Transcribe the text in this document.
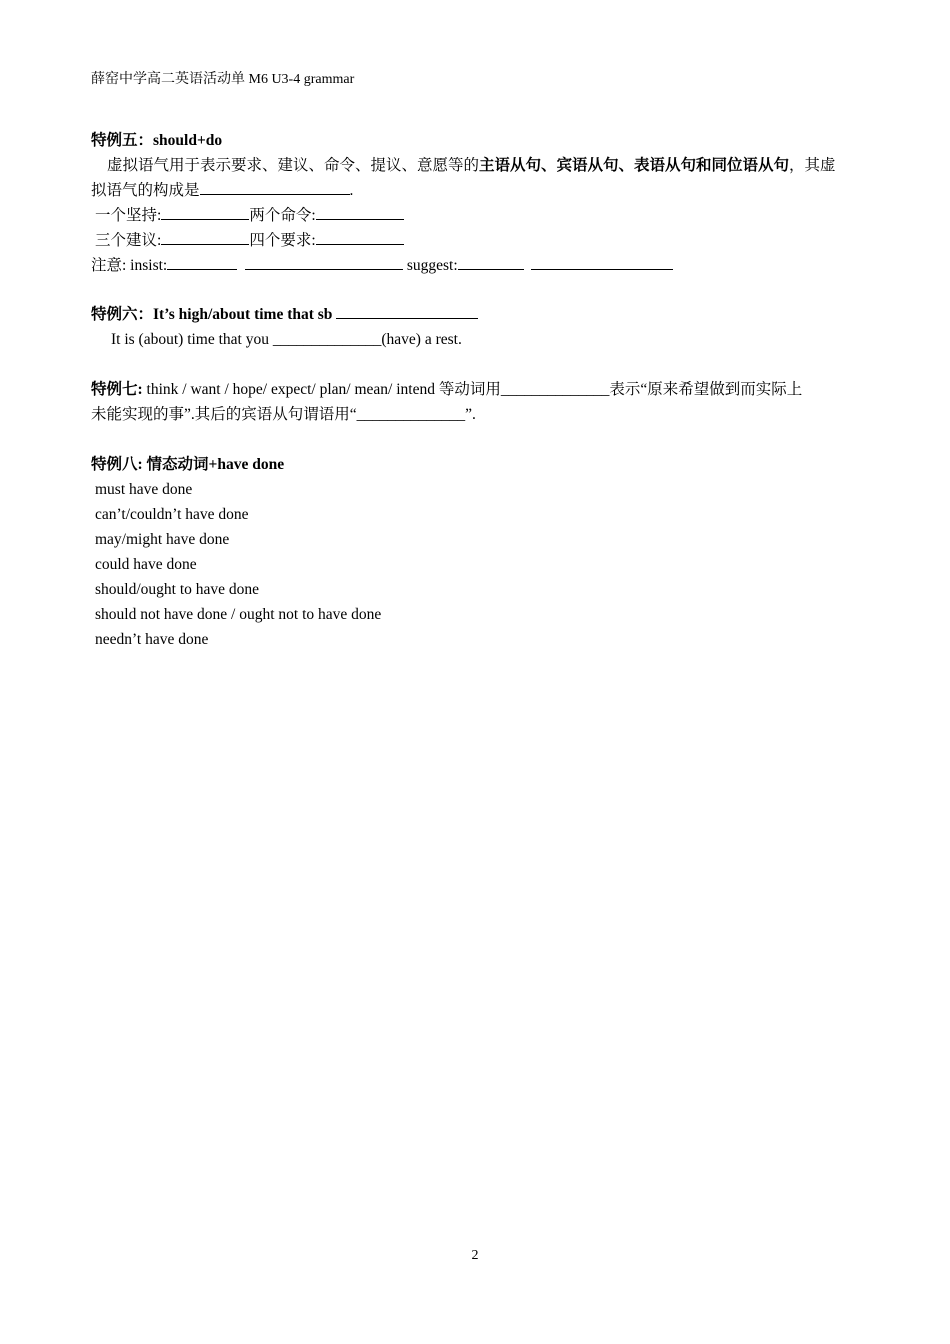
薛窑中学高二英语活动单 M6 U3-4 grammar
特例五：should+do
虚拟语气用于表示要求、建议、命令、提议、意愿等的主语从句、宾语从句、表语从句和同位语从句，其虚
拟语气的构成是	.
一个坚持:	两个命令:
三个建议:	四个要求:
注意: insist:	suggest:
特例六：It’s high/about time that sb
It is (about) time that you ______________(have) a rest.
特例七: think / want / hope/ expect/ plan/ mean/ intend 等动词用______________表示“原来希望做到而实际上
未能实现的事”.其后的宾语从句谓语用“______________”.
特例八: 情态动词+have done
must have done
can’t/couldn’t have done
may/might have done
could have done
should/ought to have done
should not have done / ought not to have done
needn’t have done
2
